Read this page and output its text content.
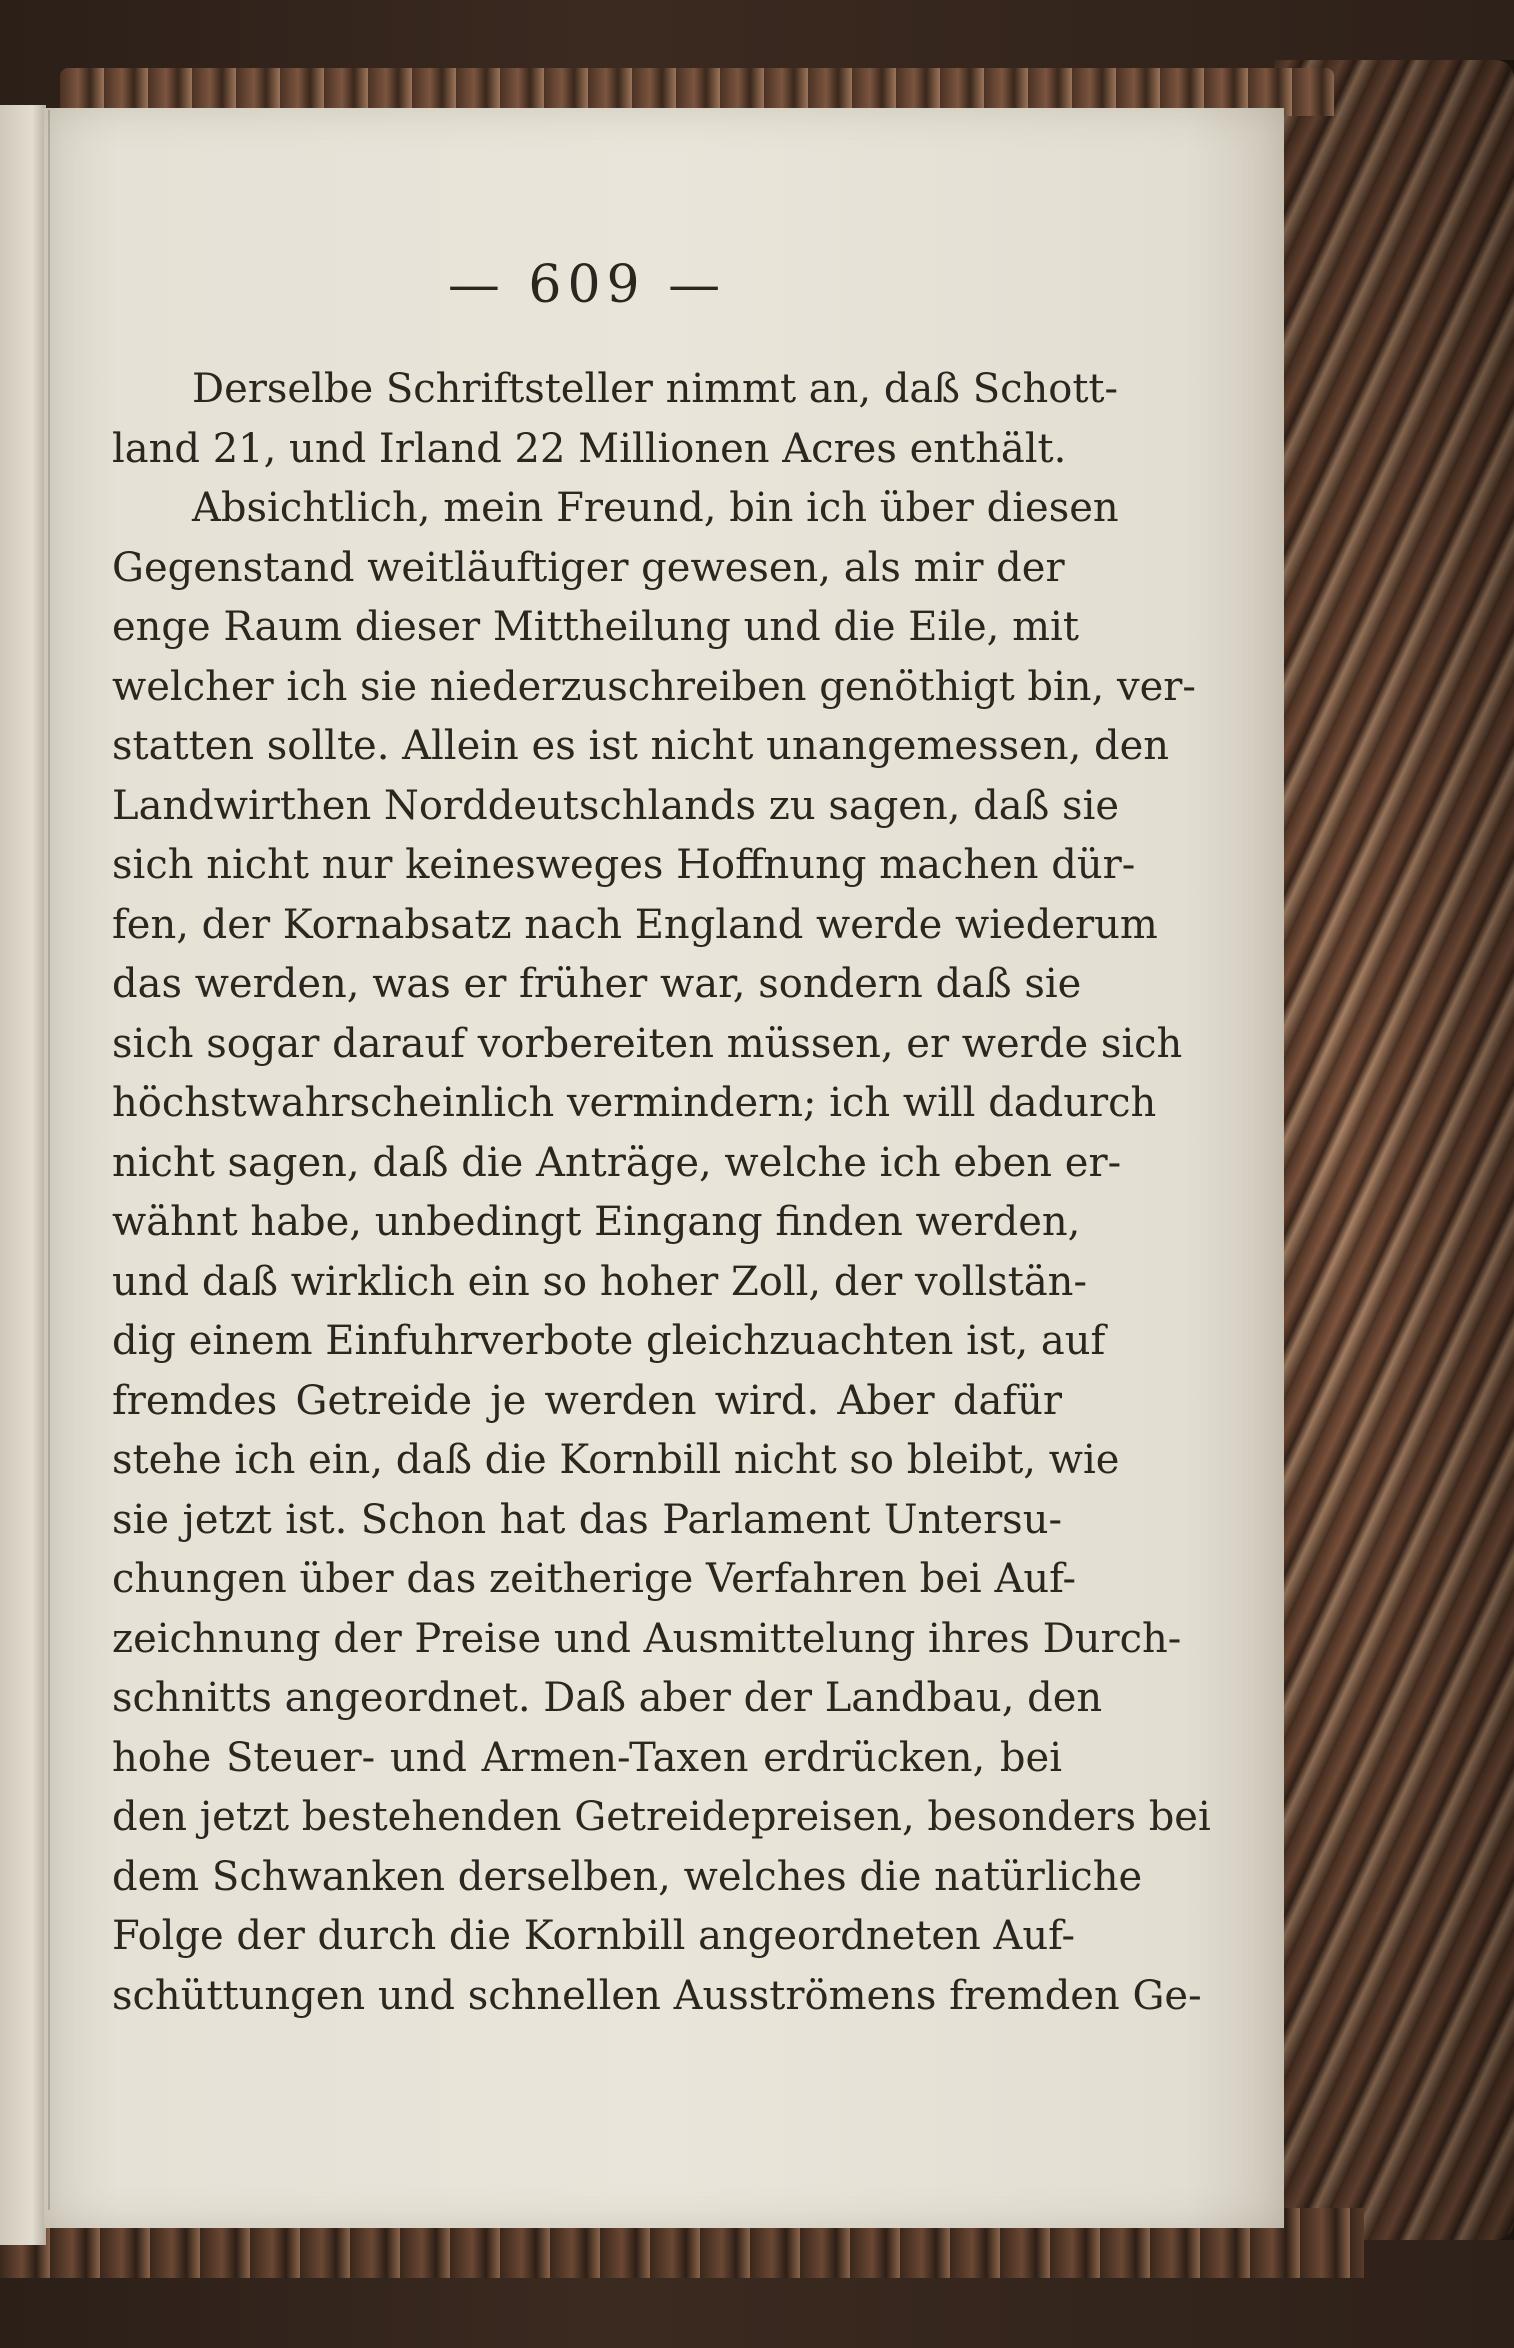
— 609 —
Derselbe Schriftsteller nimmt an, daß Schott-
land 21, und Irland 22 Millionen Acres enthält.
Absichtlich, mein Freund, bin ich über diesen
Gegenstand weitläuftiger gewesen, als mir der
enge Raum dieser Mittheilung und die Eile, mit
welcher ich sie niederzuschreiben genöthigt bin, ver-
statten sollte. Allein es ist nicht unangemessen, den
Landwirthen Norddeutschlands zu sagen, daß sie
sich nicht nur keinesweges Hoffnung machen dür-
fen, der Kornabsatz nach England werde wiederum
das werden, was er früher war, sondern daß sie
sich sogar darauf vorbereiten müssen, er werde sich
höchstwahrscheinlich vermindern; ich will dadurch
nicht sagen, daß die Anträge, welche ich eben er-
wähnt habe, unbedingt Eingang finden werden,
und daß wirklich ein so hoher Zoll, der vollstän-
dig einem Einfuhrverbote gleichzuachten ist, auf
fremdes Getreide je werden wird. Aber dafür
stehe ich ein, daß die Kornbill nicht so bleibt, wie
sie jetzt ist. Schon hat das Parlament Untersu-
chungen über das zeitherige Verfahren bei Auf-
zeichnung der Preise und Ausmittelung ihres Durch-
schnitts angeordnet. Daß aber der Landbau, den
hohe Steuer- und Armen-Taxen erdrücken, bei
den jetzt bestehenden Getreidepreisen, besonders bei
dem Schwanken derselben, welches die natürliche
Folge der durch die Kornbill angeordneten Auf-
schüttungen und schnellen Ausströmens fremden Ge-
